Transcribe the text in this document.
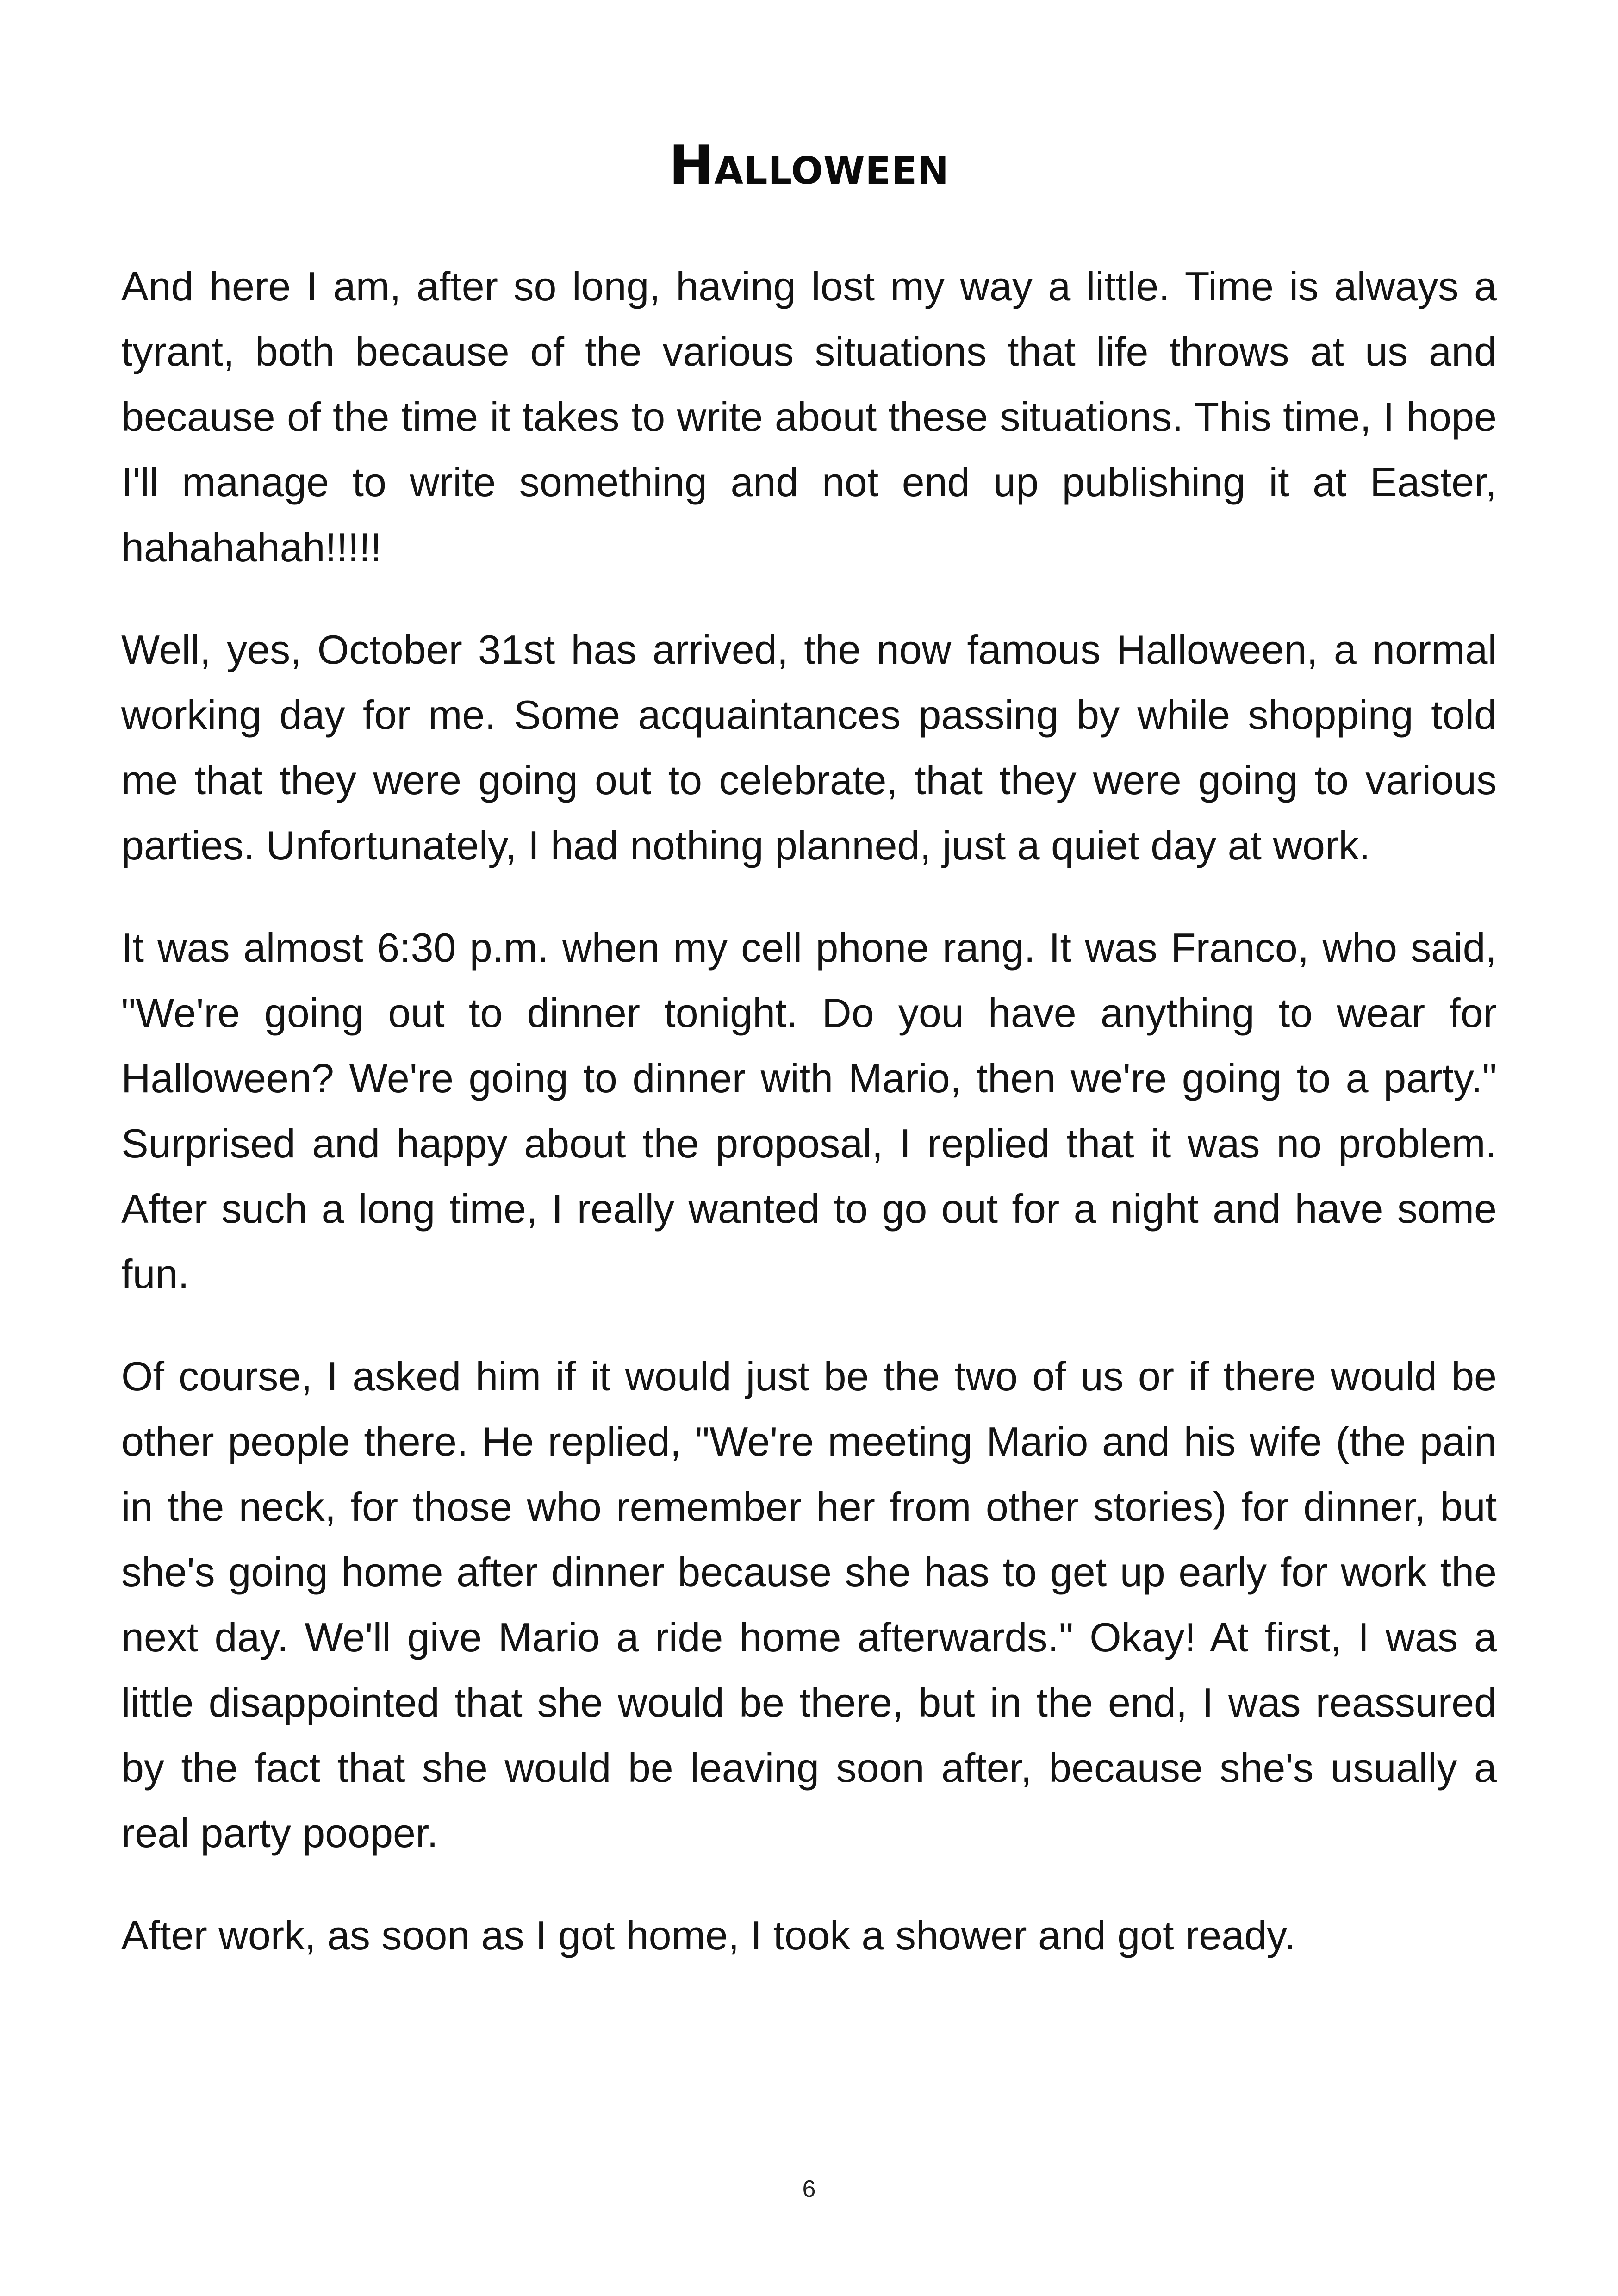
Halloween

And here I am, after so long, having lost my way a little. Time is always a tyrant, both because of the various situations that life throws at us and because of the time it takes to write about these situations. This time, I hope I'll manage to write something and not end up publishing it at Easter, hahahahah!!!!!

Well, yes, October 31st has arrived, the now famous Halloween, a normal working day for me. Some acquaintances passing by while shopping told me that they were going out to celebrate, that they were going to various parties. Unfortunately, I had nothing planned, just a quiet day at work.

It was almost 6:30 p.m. when my cell phone rang. It was Franco, who said, "We're going out to dinner tonight. Do you have anything to wear for Halloween? We're going to dinner with Mario, then we're going to a party." Surprised and happy about the proposal, I replied that it was no problem. After such a long time, I really wanted to go out for a night and have some fun.

Of course, I asked him if it would just be the two of us or if there would be other people there. He replied, "We're meeting Mario and his wife (the pain in the neck, for those who remember her from other stories) for dinner, but she's going home after dinner because she has to get up early for work the next day. We'll give Mario a ride home afterwards." Okay! At first, I was a little disappointed that she would be there, but in the end, I was reassured by the fact that she would be leaving soon after, because she's usually a real party pooper.

After work, as soon as I got home, I took a shower and got ready.

6
